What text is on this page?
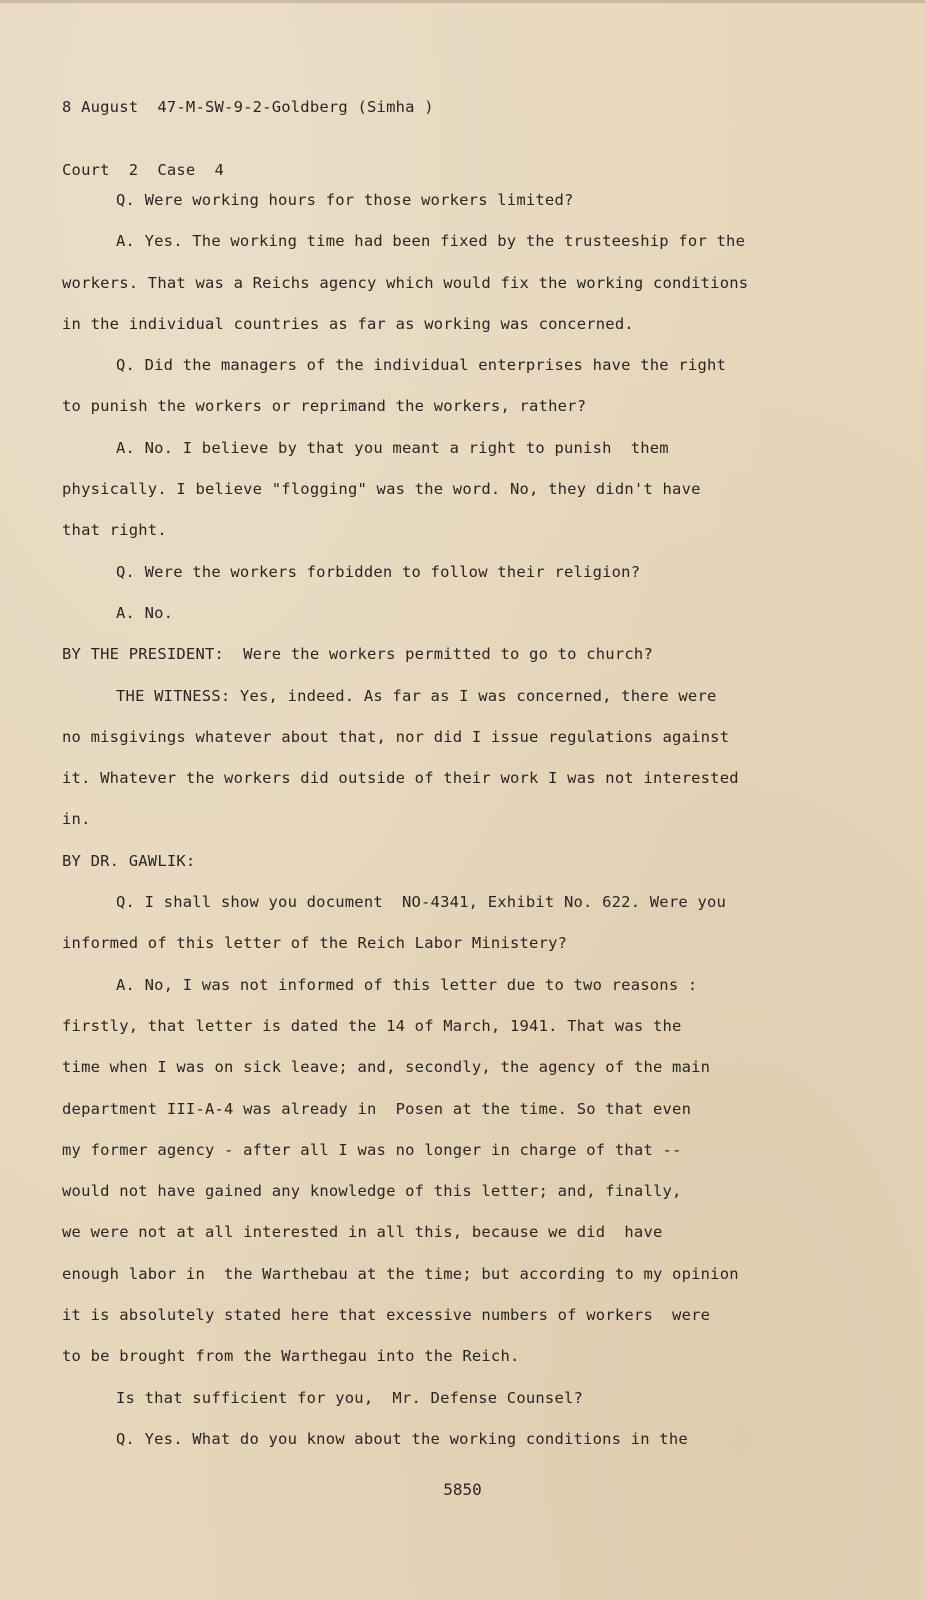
8 August  47-M-SW-9-2-Goldberg (Simha )

Court  2  Case  4

Q. Were working hours for those workers limited?
A. Yes. The working time had been fixed by the trusteeship for the
workers. That was a Reichs agency which would fix the working conditions
in the individual countries as far as working was concerned.
Q. Did the managers of the individual enterprises have the right
to punish the workers or reprimand the workers, rather?
A. No. I believe by that you meant a right to punish  them
physically. I believe "flogging" was the word. No, they didn't have
that right.
Q. Were the workers forbidden to follow their religion?
A. No.
BY THE PRESIDENT:  Were the workers permitted to go to church?
THE WITNESS: Yes, indeed. As far as I was concerned, there were
no misgivings whatever about that, nor did I issue regulations against
it. Whatever the workers did outside of their work I was not interested
in.
BY DR. GAWLIK:
Q. I shall show you document  NO-4341, Exhibit No. 622. Were you
informed of this letter of the Reich Labor Ministery?
A. No, I was not informed of this letter due to two reasons :
firstly, that letter is dated the 14 of March, 1941. That was the
time when I was on sick leave; and, secondly, the agency of the main
department III-A-4 was already in  Posen at the time. So that even
my former agency - after all I was no longer in charge of that --
would not have gained any knowledge of this letter; and, finally,
we were not at all interested in all this, because we did  have
enough labor in  the Warthebau at the time; but according to my opinion
it is absolutely stated here that excessive numbers of workers  were
to be brought from the Warthegau into the Reich.
Is that sufficient for you,  Mr. Defense Counsel?
Q. Yes. What do you know about the working conditions in the
5850
